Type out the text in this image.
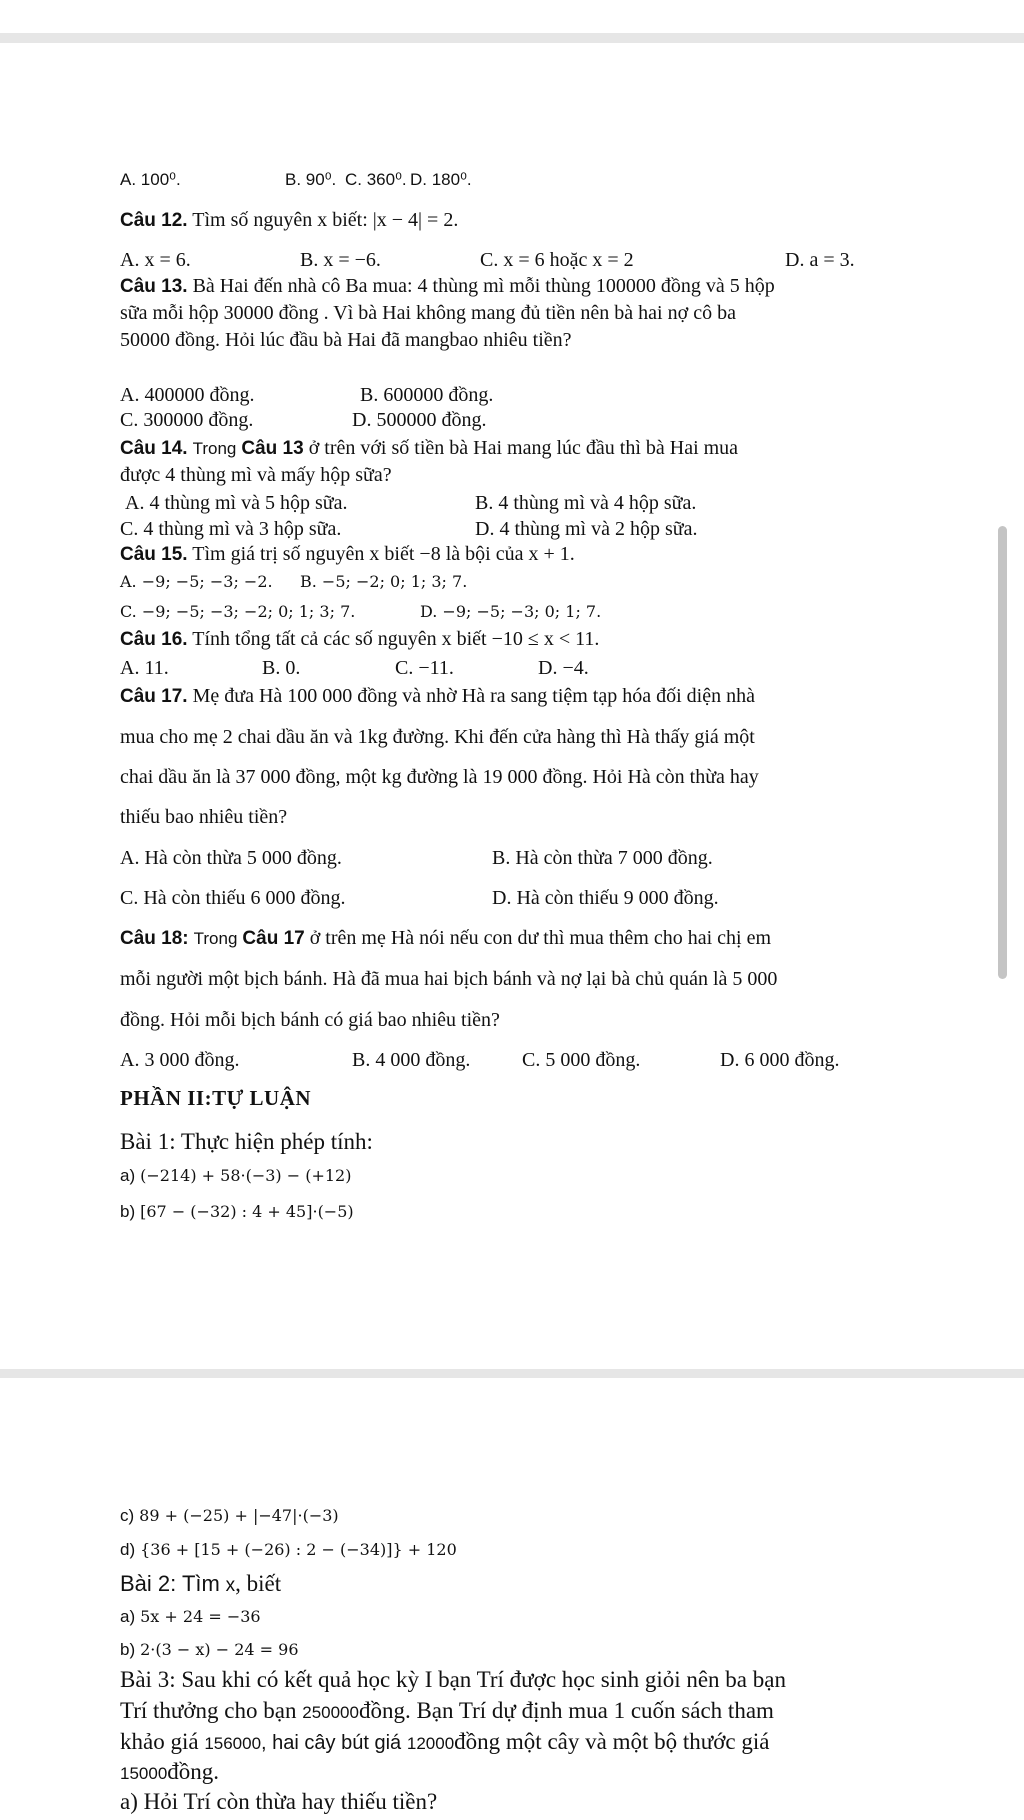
A. 100⁰.	B. 90⁰. C. 360⁰. D. 180⁰.
Câu 12. Tìm số nguyên x biết: |x − 4| = 2.
A. x = 6.	B. x = −6.	C. x = 6 hoặc x = 2	D. a = 3.
Câu 13. Bà Hai đến nhà cô Ba mua: 4 thùng mì mỗi thùng 100000 đồng và 5 hộp
sữa mỗi hộp 30000 đồng . Vì bà Hai không mang đủ tiền nên bà hai nợ cô ba
50000 đồng. Hỏi lúc đầu bà Hai đã mangbao nhiêu tiền?
A. 400000 đồng.	B. 600000 đồng.
C. 300000 đồng.	D. 500000 đồng.
Câu 14. Trong Câu 13 ở trên với số tiền bà Hai mang lúc đầu thì bà Hai mua
được 4 thùng mì và mấy hộp sữa?
A. 4 thùng mì và 5 hộp sữa.	B. 4 thùng mì và 4 hộp sữa.
C. 4 thùng mì và 3 hộp sữa.	D. 4 thùng mì và 2 hộp sữa.
Câu 15. Tìm giá trị số nguyên x biết −8 là bội của x + 1.
A. −9; −5; −3; −2. B. −5; −2; 0; 1; 3; 7.
C. −9; −5; −3; −2; 0; 1; 3; 7.	D. −9; −5; −3; 0; 1; 7.
Câu 16. Tính tổng tất cả các số nguyên x biết −10 ≤ x < 11.
A. 11.	B. 0.	C. −11.	D. −4.
Câu 17. Mẹ đưa Hà 100 000 đồng và nhờ Hà ra sang tiệm tạp hóa đối diện nhà
mua cho mẹ 2 chai dầu ăn và 1kg đường. Khi đến cửa hàng thì Hà thấy giá một
chai dầu ăn là 37 000 đồng, một kg đường là 19 000 đồng. Hỏi Hà còn thừa hay
thiếu bao nhiêu tiền?
A. Hà còn thừa 5 000 đồng.	B. Hà còn thừa 7 000 đồng.
C. Hà còn thiếu 6 000 đồng.	D. Hà còn thiếu 9 000 đồng.
Câu 18: Trong Câu 17 ở trên mẹ Hà nói nếu con dư thì mua thêm cho hai chị em
mỗi người một bịch bánh. Hà đã mua hai bịch bánh và nợ lại bà chủ quán là 5 000
đồng. Hỏi mỗi bịch bánh có giá bao nhiêu tiền?
A. 3 000 đồng.	B. 4 000 đồng.	C. 5 000 đồng.	D. 6 000 đồng.
PHẦN II:TỰ LUẬN
Bài 1: Thực hiện phép tính:
a) (−214) + 58·(−3) − (+12)
b) [67 − (−32) : 4 + 45]·(−5)
c) 89 + (−25) + |−47|·(−3)
d) {36 + [15 + (−26) : 2 − (−34)]} + 120
Bài 2: Tìm x, biết
a) 5x + 24 = −36
b) 2·(3 − x) − 24 = 96
Bài 3: Sau khi có kết quả học kỳ I bạn Trí được học sinh giỏi nên ba bạn
Trí thưởng cho bạn 250000đồng. Bạn Trí dự định mua 1 cuốn sách tham
khảo giá 156000, hai cây bút giá 12000đồng một cây và một bộ thước giá
15000đồng.
a) Hỏi Trí còn thừa hay thiếu tiền?
